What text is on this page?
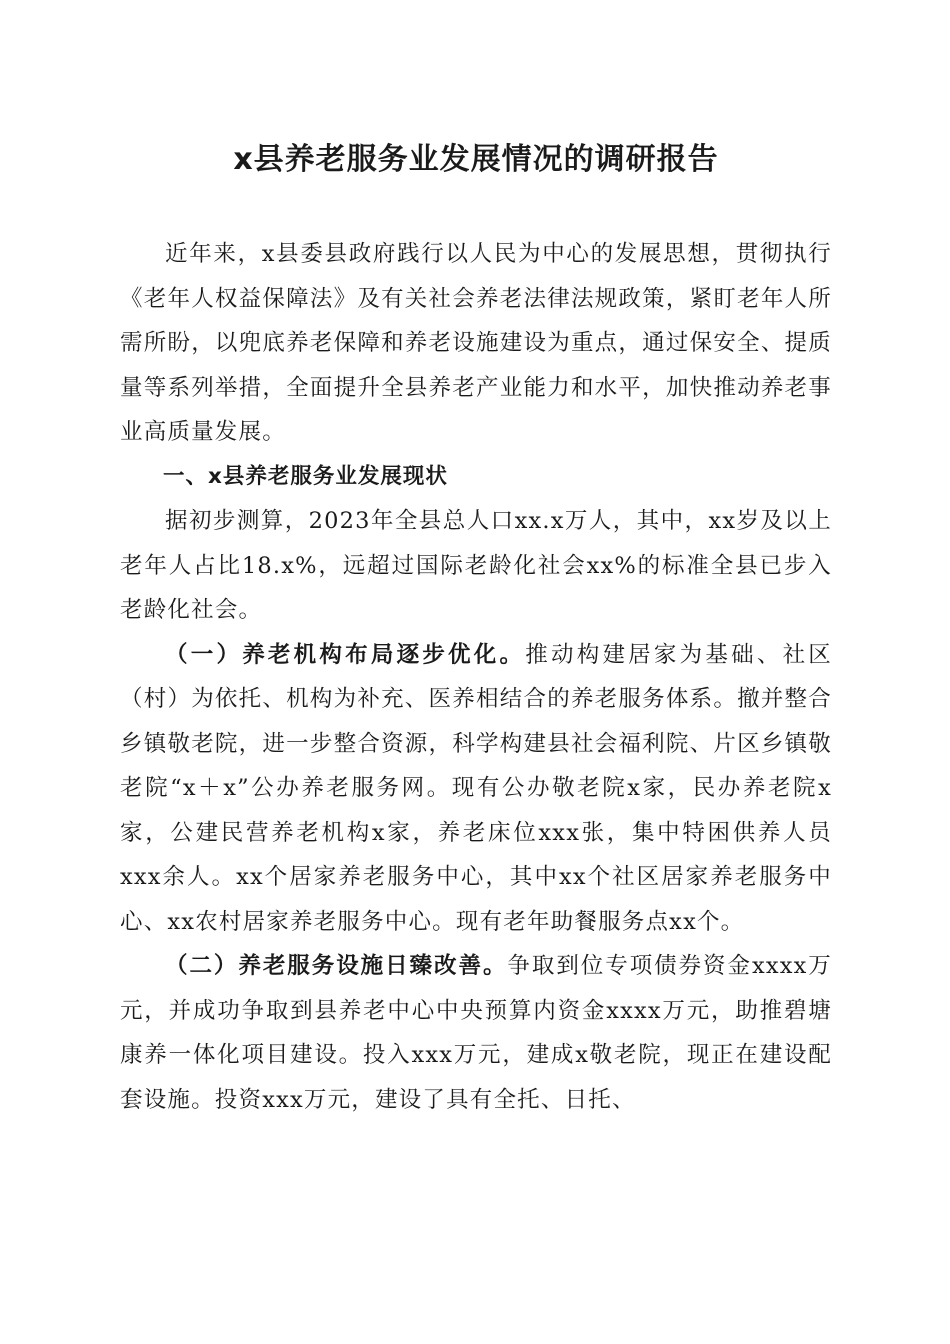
x县养老服务业发展情况的调研报告

近年来，x县委县政府践行以人民为中心的发展思想，贯彻执行《老年人权益保障法》及有关社会养老法律法规政策，紧盯老年人所需所盼，以兜底养老保障和养老设施建设为重点，通过保安全、提质量等系列举措，全面提升全县养老产业能力和水平，加快推动养老事业高质量发展。

一、x县养老服务业发展现状

据初步测算，2023年全县总人口xx.x万人，其中，xx岁及以上老年人占比18.x%，远超过国际老龄化社会xx%的标准全县已步入老龄化社会。

（一）养老机构布局逐步优化。推动构建居家为基础、社区（村）为依托、机构为补充、医养相结合的养老服务体系。撤并整合乡镇敬老院，进一步整合资源，科学构建县社会福利院、片区乡镇敬老院“x＋x”公办养老服务网。现有公办敬老院x家，民办养老院x家，公建民营养老机构x家，养老床位xxx张，集中特困供养人员xxx余人。xx个居家养老服务中心，其中xx个社区居家养老服务中心、xx农村居家养老服务中心。现有老年助餐服务点xx个。

（二）养老服务设施日臻改善。争取到位专项债券资金xxxx万元，并成功争取到县养老中心中央预算内资金xxxx万元，助推碧塘康养一体化项目建设。投入xxx万元，建成x敬老院，现正在建设配套设施。投资xxx万元，建设了具有全托、日托、
